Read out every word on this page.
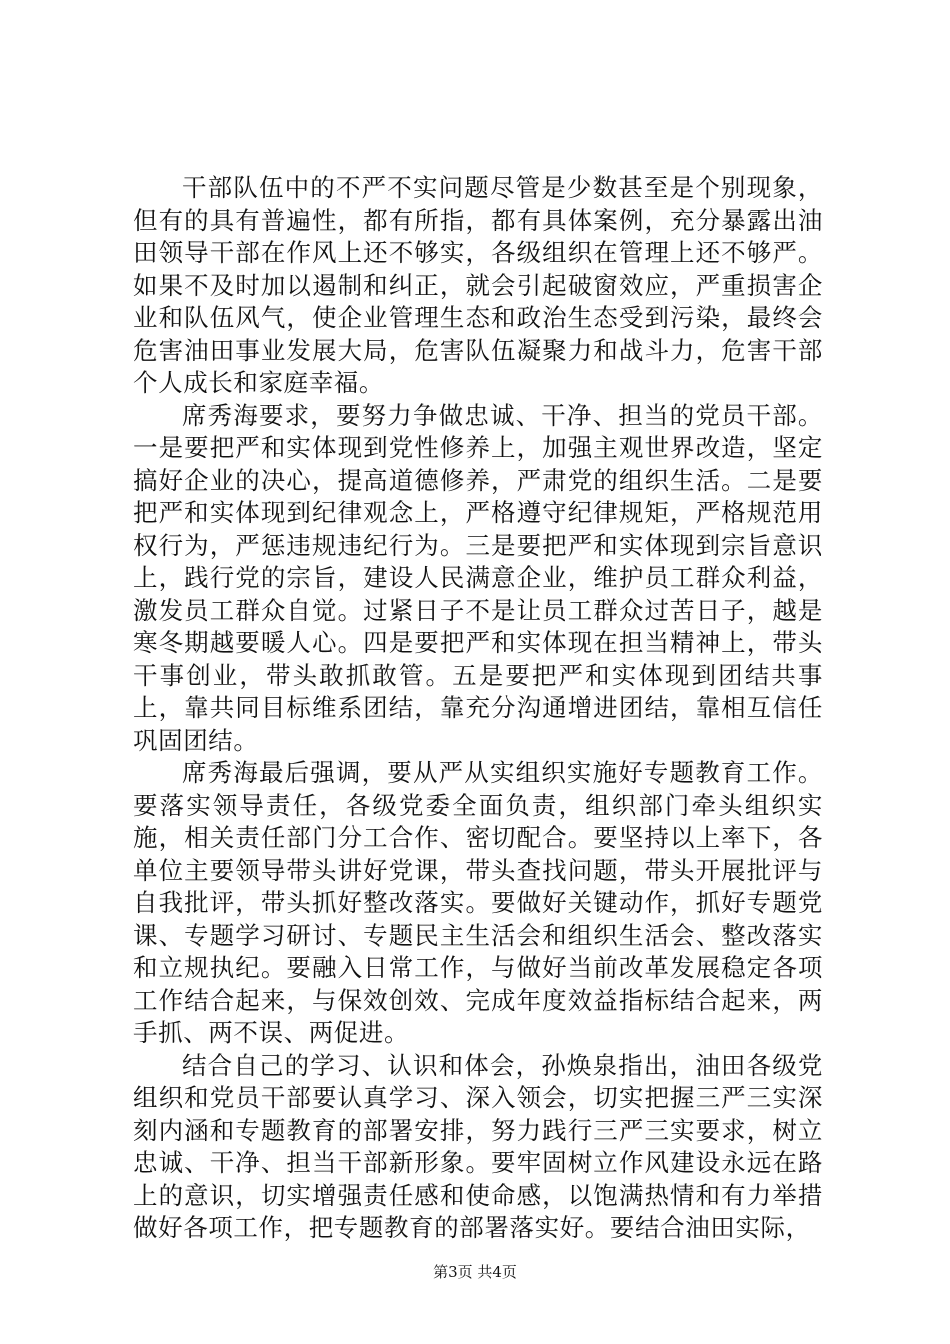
干部队伍中的不严不实问题尽管是少数甚至是个别现象，但有的具有普遍性，都有所指，都有具体案例，充分暴露出油田领导干部在作风上还不够实，各级组织在管理上还不够严。如果不及时加以遏制和纠正，就会引起破窗效应，严重损害企业和队伍风气，使企业管理生态和政治生态受到污染，最终会危害油田事业发展大局，危害队伍凝聚力和战斗力，危害干部个人成长和家庭幸福。

席秀海要求，要努力争做忠诚、干净、担当的党员干部。一是要把严和实体现到党性修养上，加强主观世界改造，坚定搞好企业的决心，提高道德修养，严肃党的组织生活。二是要把严和实体现到纪律观念上，严格遵守纪律规矩，严格规范用权行为，严惩违规违纪行为。三是要把严和实体现到宗旨意识上，践行党的宗旨，建设人民满意企业，维护员工群众利益，激发员工群众自觉。过紧日子不是让员工群众过苦日子，越是寒冬期越要暖人心。四是要把严和实体现在担当精神上，带头干事创业，带头敢抓敢管。五是要把严和实体现到团结共事上，靠共同目标维系团结，靠充分沟通增进团结，靠相互信任巩固团结。

席秀海最后强调，要从严从实组织实施好专题教育工作。要落实领导责任，各级党委全面负责，组织部门牵头组织实施，相关责任部门分工合作、密切配合。要坚持以上率下，各单位主要领导带头讲好党课，带头查找问题，带头开展批评与自我批评，带头抓好整改落实。要做好关键动作，抓好专题党课、专题学习研讨、专题民主生活会和组织生活会、整改落实和立规执纪。要融入日常工作，与做好当前改革发展稳定各项工作结合起来，与保效创效、完成年度效益指标结合起来，两手抓、两不误、两促进。

结合自己的学习、认识和体会，孙焕泉指出，油田各级党组织和党员干部要认真学习、深入领会，切实把握三严三实深刻内涵和专题教育的部署安排，努力践行三严三实要求，树立忠诚、干净、担当干部新形象。要牢固树立作风建设永远在路上的意识，切实增强责任感和使命感，以饱满热情和有力举措做好各项工作，把专题教育的部署落实好。要结合油田实际，

第3页 共4页
